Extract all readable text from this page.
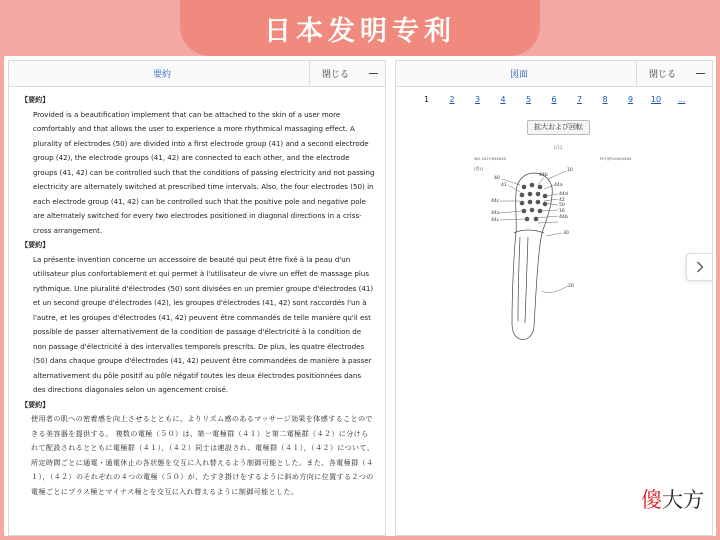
日本发明专利
要約	閉じる
【要約】
Provided is a beautification implement that can be attached to the skin of a user more comfortably and that allows the user to experience a more rhythmical massaging effect. A plurality of electrodes (50) are divided into a first electrode group (41) and a second electrode group (42), the electrode groups (41, 42) are connected to each other, and the electrode groups (41, 42) can be controlled such that the conditions of passing electricity and not passing electricity are alternately switched at prescribed time intervals. Also, the four electrodes (50) in each electrode group (41, 42) can be controlled such that the positive pole and negative pole are alternately switched for every two electrodes positioned in diagonal directions in a criss-cross arrangement.
【要約】
La présente invention concerne un accessoire de beauté qui peut être fixé à la peau d'un utilisateur plus confortablement et qui permet à l'utilisateur de vivre un effet de massage plus rythmique. Une pluralité d'électrodes (50) sont divisées en un premier groupe d'électrodes (41) et un second groupe d'électrodes (42), les groupes d'électrodes (41, 42) sont raccordés l'un à l'autre, et les groupes d'électrodes (41, 42) peuvent être commandés de telle manière qu'il est possible de passer alternativement de la condition de passage d'électricité à la condition de non passage d'électricité à des intervalles temporels prescrits. De plus, les quatre électrodes (50) dans chaque groupe d'électrodes (41, 42) peuvent être commandées de manière à passer alternativement du pôle positif au pôle négatif toutes les deux électrodes positionnées dans des directions diagonales selon un agencement croisé.
【要約】
使用者の肌への密着感を向上させるとともに、よりリズム感のあるマッサージ効果を体感することのできる美容器を提供する。 複数の電極（５０）は、第一電極群（４１）と第二電極群（４２）に分けられて配設されるとともに電極群（４１），（４２）同士は連設され、電極群（４１），（４２）について、所定時間ごとに通電・通電休止の各状態を交互に入れ替えるよう制御可能とした。また、各電極群（４１），（４２）のそれぞれの４つの電極（５０）が、たすき掛けをするように斜め方向に位置する２つの電極ごとにプラス極とマイナス極とを交互に入れ替えるように制御可能とした。
図面	閉じる
1	2	3	4	5	6	7	8	9	10	...
拡大および回転
1/12
WO 2017/094XXX	PCT/JP2016/XXXX
[図1]	10
40
44b
41	44a
44d
42
44c
50
16
44a
44b
44c
30
20
傻大方
